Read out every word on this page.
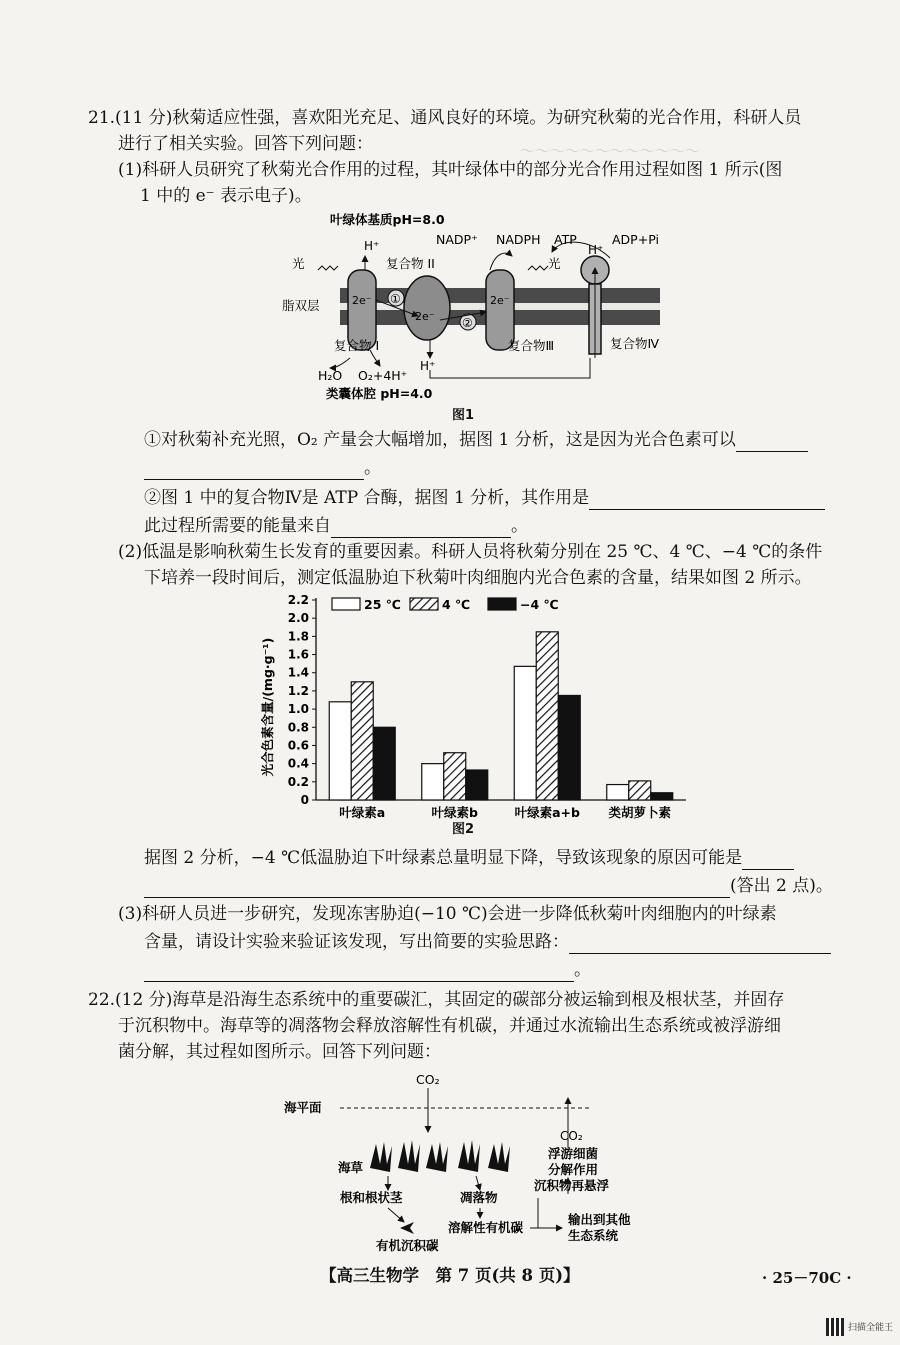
～～～～～～～～～～～～
21.(11 分)秋菊适应性强，喜欢阳光充足、通风良好的环境。为研究秋菊的光合作用，科研人员
进行了相关实验。回答下列问题：
(1)科研人员研究了秋菊光合作用的过程，其叶绿体中的部分光合作用过程如图 1 所示(图
1 中的 e⁻ 表示电子)。
叶绿体基质pH=8.0
光	光
H⁺	H⁺
H⁺
复合物 II
NADP⁺ NADPH ATP	ADP+Pi
脂双层	2e⁻
2e⁻
2e⁻
①
②
复合物 I	复合物Ⅲ	复合物Ⅳ
H₂O O₂+4H⁺
类囊体腔 pH=4.0
图1
①对秋菊补充光照，O₂ 产量会大幅增加，据图 1 分析，这是因为光合色素可以
。
②图 1 中的复合物Ⅳ是 ATP 合酶，据图 1 分析，其作用是
此过程所需要的能量来自	。
(2)低温是影响秋菊生长发育的重要因素。科研人员将秋菊分别在 25 ℃、4 ℃、−4 ℃的条件
下培养一段时间后，测定低温胁迫下秋菊叶肉细胞内光合色素的含量，结果如图 2 所示。
光合色素含量/(mg·g⁻¹)
0
0.2
0.4
0.6
0.8
1.0
1.2
1.4
1.6
1.8
2.0
2.2
叶绿素a	叶绿素b	叶绿素a+b 类胡萝卜素
25 ℃	4 ℃	−4 ℃
图2
据图 2 分析，−4 ℃低温胁迫下叶绿素总量明显下降，导致该现象的原因可能是
(答出 2 点)。
(3)科研人员进一步研究，发现冻害胁迫(−10 ℃)会进一步降低秋菊叶肉细胞内的叶绿素
含量，请设计实验来验证该发现，写出简要的实验思路：
。
22.(12 分)海草是沿海生态系统中的重要碳汇，其固定的碳部分被运输到根及根状茎，并固存
于沉积物中。海草等的凋落物会释放溶解性有机碳，并通过水流输出生态系统或被浮游细
菌分解，其过程如图所示。回答下列问题：
CO₂
海平面
CO₂
浮游细菌
分解作用
海草
沉积物再悬浮
根和根状茎	凋落物
溶解性有机碳
输出到其他
生态系统
有机沉积碳
【高三生物学　第 7 页(共 8 页)】	· 25－70C ·
扫描全能王
